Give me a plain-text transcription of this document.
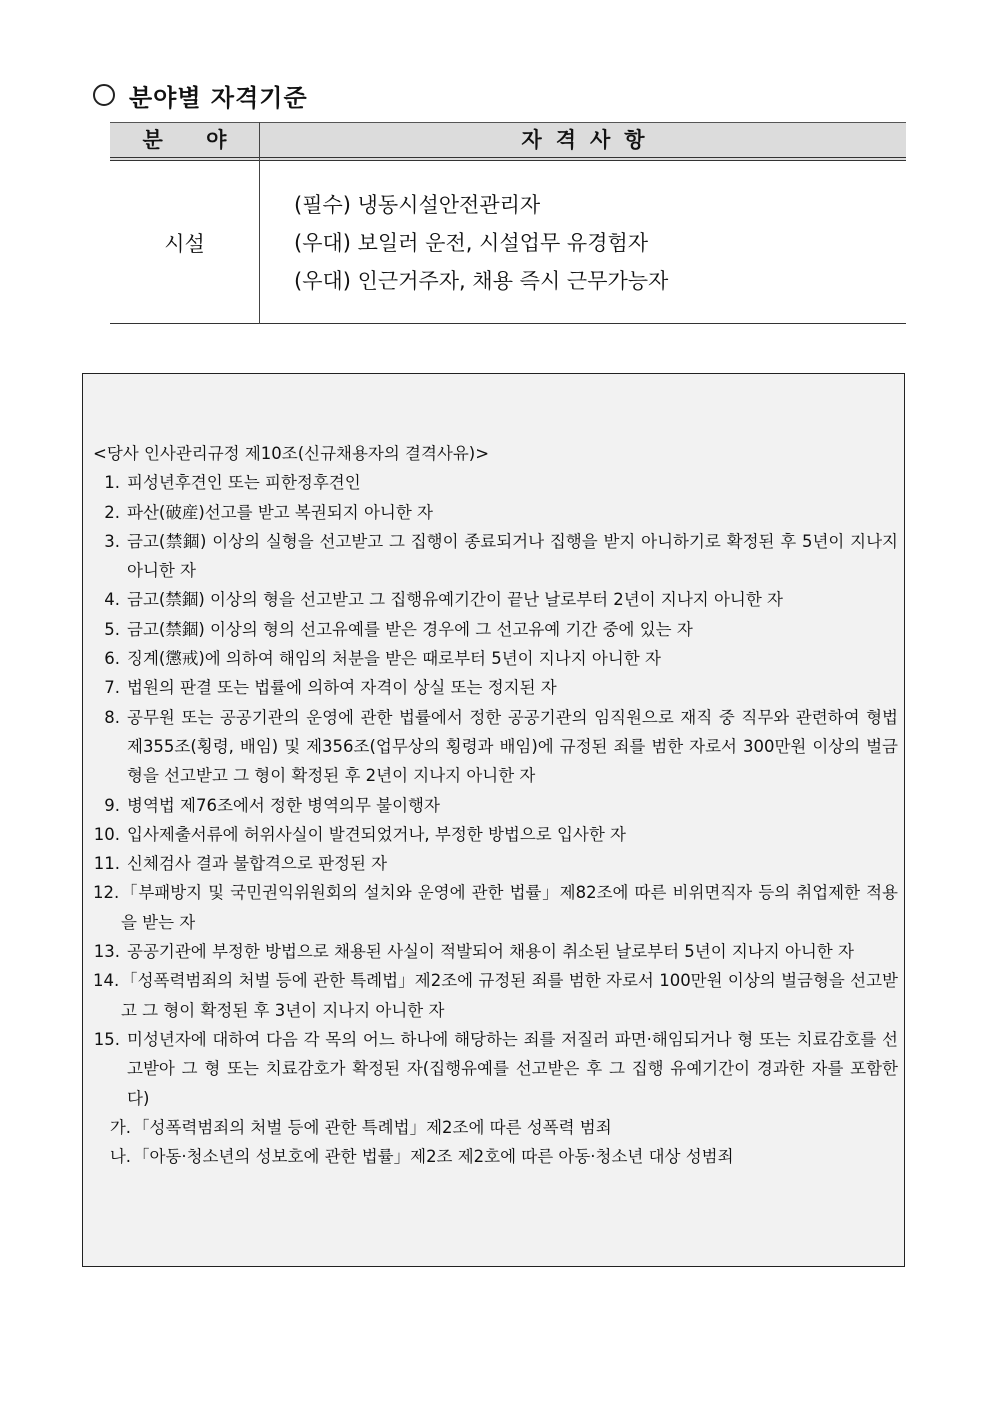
분야별 자격기준
분 야	자격사항
시설
(필수) 냉동시설안전관리자
(우대) 보일러 운전, 시설업무 유경험자
(우대) 인근거주자, 채용 즉시 근무가능자
<당사 인사관리규정 제10조(신규채용자의 결격사유)>
1. 피성년후견인 또는 피한정후견인
2. 파산(破産)선고를 받고 복권되지 아니한 자
3. 금고(禁錮) 이상의 실형을 선고받고 그 집행이 종료되거나 집행을 받지 아니하기로 확정된 후 5년이 지나지 아니한 자
4. 금고(禁錮) 이상의 형을 선고받고 그 집행유예기간이 끝난 날로부터 2년이 지나지 아니한 자
5. 금고(禁錮) 이상의 형의 선고유예를 받은 경우에 그 선고유예 기간 중에 있는 자
6. 징계(懲戒)에 의하여 해임의 처분을 받은 때로부터 5년이 지나지 아니한 자
7. 법원의 판결 또는 법률에 의하여 자격이 상실 또는 정지된 자
8. 공무원 또는 공공기관의 운영에 관한 법률에서 정한 공공기관의 임직원으로 재직 중 직무와 관련하여 형법 제355조(횡령, 배임) 및 제356조(업무상의 횡령과 배임)에 규정된 죄를 범한 자로서 300만원 이상의 벌금형을 선고받고 그 형이 확정된 후 2년이 지나지 아니한 자
9. 병역법 제76조에서 정한 병역의무 불이행자
10. 입사제출서류에 허위사실이 발견되었거나, 부정한 방법으로 입사한 자
11. 신체검사 결과 불합격으로 판정된 자
12. 「부패방지 및 국민권익위원회의 설치와 운영에 관한 법률」제82조에 따른 비위면직자 등의 취업제한 적용을 받는 자
13. 공공기관에 부정한 방법으로 채용된 사실이 적발되어 채용이 취소된 날로부터 5년이 지나지 아니한 자
14. 「성폭력범죄의 처벌 등에 관한 특례법」제2조에 규정된 죄를 범한 자로서 100만원 이상의 벌금형을 선고받고 그 형이 확정된 후 3년이 지나지 아니한 자
15. 미성년자에 대하여 다음 각 목의 어느 하나에 해당하는 죄를 저질러 파면·해임되거나 형 또는 치료감호를 선고받아 그 형 또는 치료감호가 확정된 자(집행유예를 선고받은 후 그 집행 유예기간이 경과한 자를 포함한다)
가. 「성폭력범죄의 처벌 등에 관한 특례법」제2조에 따른 성폭력 범죄
나. 「아동·청소년의 성보호에 관한 법률」제2조 제2호에 따른 아동·청소년 대상 성범죄
